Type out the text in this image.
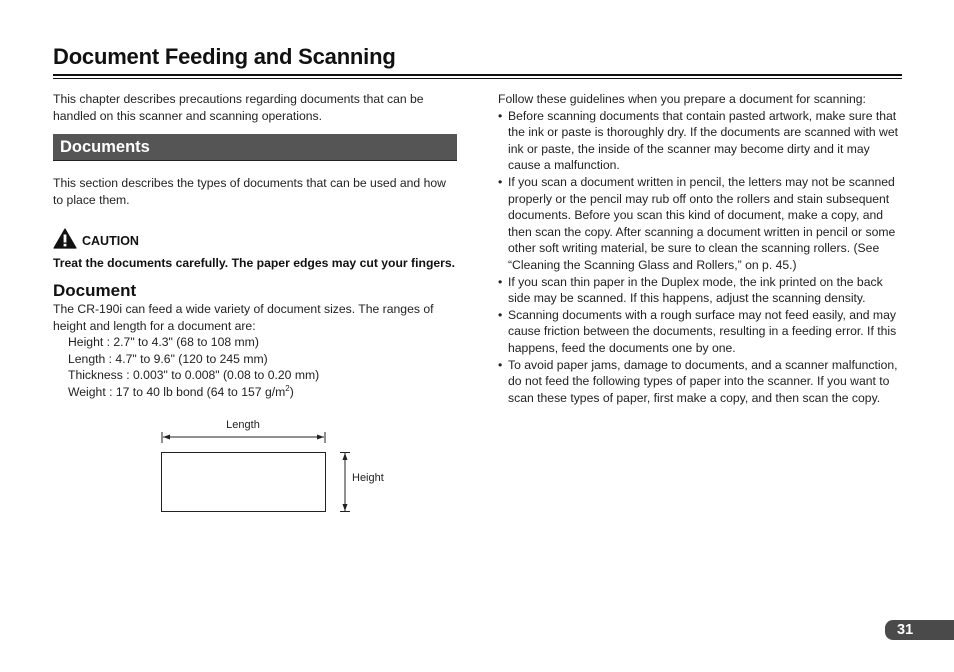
Document Feeding and Scanning

This chapter describes precautions regarding documents that can be handled on this scanner and scanning operations.

Documents

This section describes the types of documents that can be used and how to place them.

CAUTION

Treat the documents carefully. The paper edges may cut your fingers.

Document

The CR-190i can feed a wide variety of document sizes. The ranges of height and length for a document are:

Height : 2.7" to 4.3" (68 to 108 mm)
Length : 4.7" to 9.6" (120 to 245 mm)
Thickness : 0.003" to 0.008" (0.08 to 0.20 mm)
Weight : 17 to 40 lb bond (64 to 157 $g/m^2$)
Length
Height

Follow these guidelines when you prepare a document for scanning:

• Before scanning documents that contain pasted artwork, make sure that the ink or paste is thoroughly dry. If the documents are scanned with wet ink or paste, the inside of the scanner may become dirty and it may cause a malfunction.
• If you scan a document written in pencil, the letters may not be scanned properly or the pencil may rub off onto the rollers and stain subsequent documents. Before you scan this kind of document, make a copy, and then scan the copy. After scanning a document written in pencil or some other soft writing material, be sure to clean the scanning rollers. (See “Cleaning the Scanning Glass and Rollers,” on p. 45.)
• If you scan thin paper in the Duplex mode, the ink printed on the back side may be scanned. If this happens, adjust the scanning density.
• Scanning documents with a rough surface may not feed easily, and may cause friction between the documents, resulting in a feeding error. If this happens, feed the documents one by one.
• To avoid paper jams, damage to documents, and a scanner malfunction, do not feed the following types of paper into the scanner. If you want to scan these types of paper, first make a copy, and then scan the copy.
31
